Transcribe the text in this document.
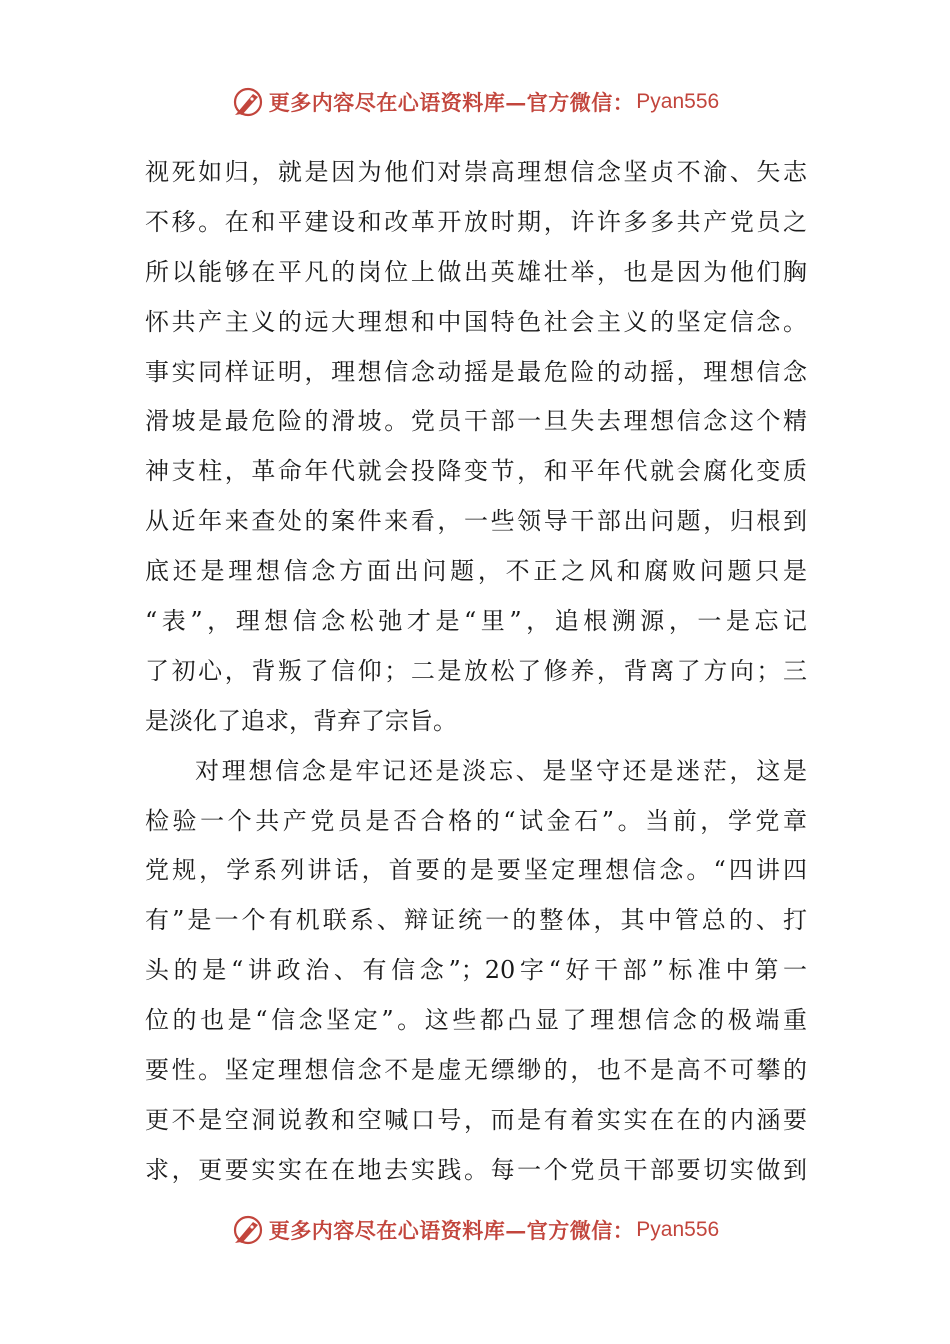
更多内容尽在心语资料库—官方微信： Pyan556
视死如归，就是因为他们对崇高理想信念坚贞不渝、矢志
不移。在和平建设和改革开放时期，许许多多共产党员之
所以能够在平凡的岗位上做出英雄壮举，也是因为他们胸
怀共产主义的远大理想和中国特色社会主义的坚定信念。
事实同样证明，理想信念动摇是最危险的动摇，理想信念
滑坡是最危险的滑坡。党员干部一旦失去理想信念这个精
神支柱，革命年代就会投降变节，和平年代就会腐化变质
从近年来查处的案件来看，一些领导干部出问题，归根到
底还是理想信念方面出问题，不正之风和腐败问题只是
“表”，理想信念松弛才是“里”，追根溯源，一是忘记
了初心，背叛了信仰；二是放松了修养，背离了方向；三
是淡化了追求，背弃了宗旨。
对理想信念是牢记还是淡忘、是坚守还是迷茫，这是
检验一个共产党员是否合格的“试金石”。当前，学党章
党规，学系列讲话，首要的是要坚定理想信念。“四讲四
有”是一个有机联系、辩证统一的整体，其中管总的、打
头的是“讲政治、有信念”；20字“好干部”标准中第一
位的也是“信念坚定”。这些都凸显了理想信念的极端重
要性。坚定理想信念不是虚无缥缈的，也不是高不可攀的
更不是空洞说教和空喊口号，而是有着实实在在的内涵要
求，更要实实在在地去实践。每一个党员干部要切实做到
更多内容尽在心语资料库—官方微信： Pyan556
